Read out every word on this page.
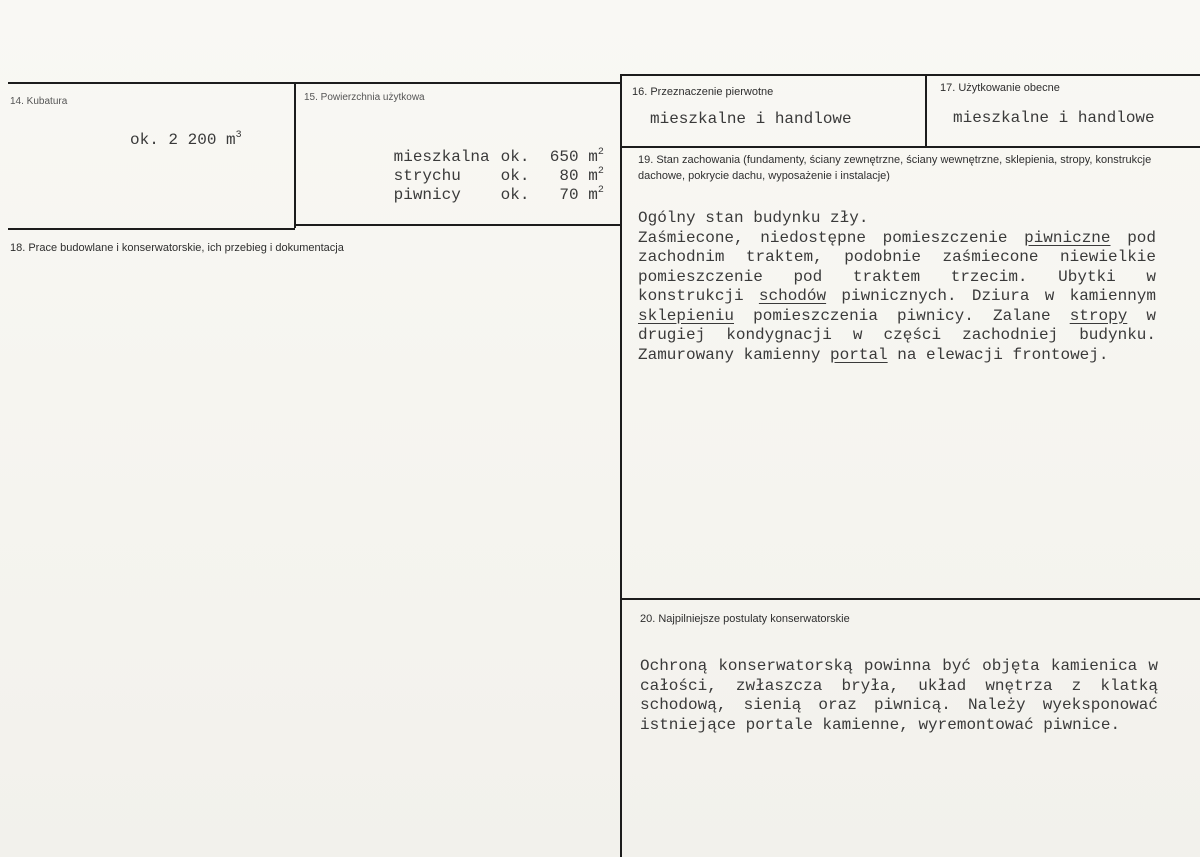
14. Kubatura
ok. 2 200 $m^3$
15. Powierzchnia użytkowa

mieszkalna ok. 650 $m^2$

strychu ok. 80 $m^2$

piwnicy ok. 70 $m^2$

16. Przeznaczenie pierwotne
mieszkalne i handlowe
17. Użytkowanie obecne
mieszkalne i handlowe
18. Prace budowlane i konserwatorskie, ich przebieg i dokumentacja
19. Stan zachowania (fundamenty, ściany zewnętrzne, ściany wewnętrzne, sklepienia, stropy, konstrukcje dachowe, pokrycie dachu, wyposażenie i instalacje)
Ogólny stan budynku zły.
Zaśmiecone, niedostępne pomieszczenie piwniczne pod zachodnim traktem, podobnie zaśmiecone niewielkie pomieszczenie pod traktem trzecim. Ubytki w konstrukcji schodów piwnicznych. Dziura w kamiennym sklepieniu pomieszczenia piwnicy. Zalane stropy w drugiej kondygnacji w części zachodniej budynku. Zamurowany kamienny portal na elewacji frontowej.
20. Najpilniejsze postulaty konserwatorskie
Ochroną konserwatorską powinna być objęta kamienica w całości, zwłaszcza bryła, układ wnętrza z klatką schodową, sienią oraz piwnicą. Należy wyeksponować istniejące portale kamienne, wyremontować piwnice.
